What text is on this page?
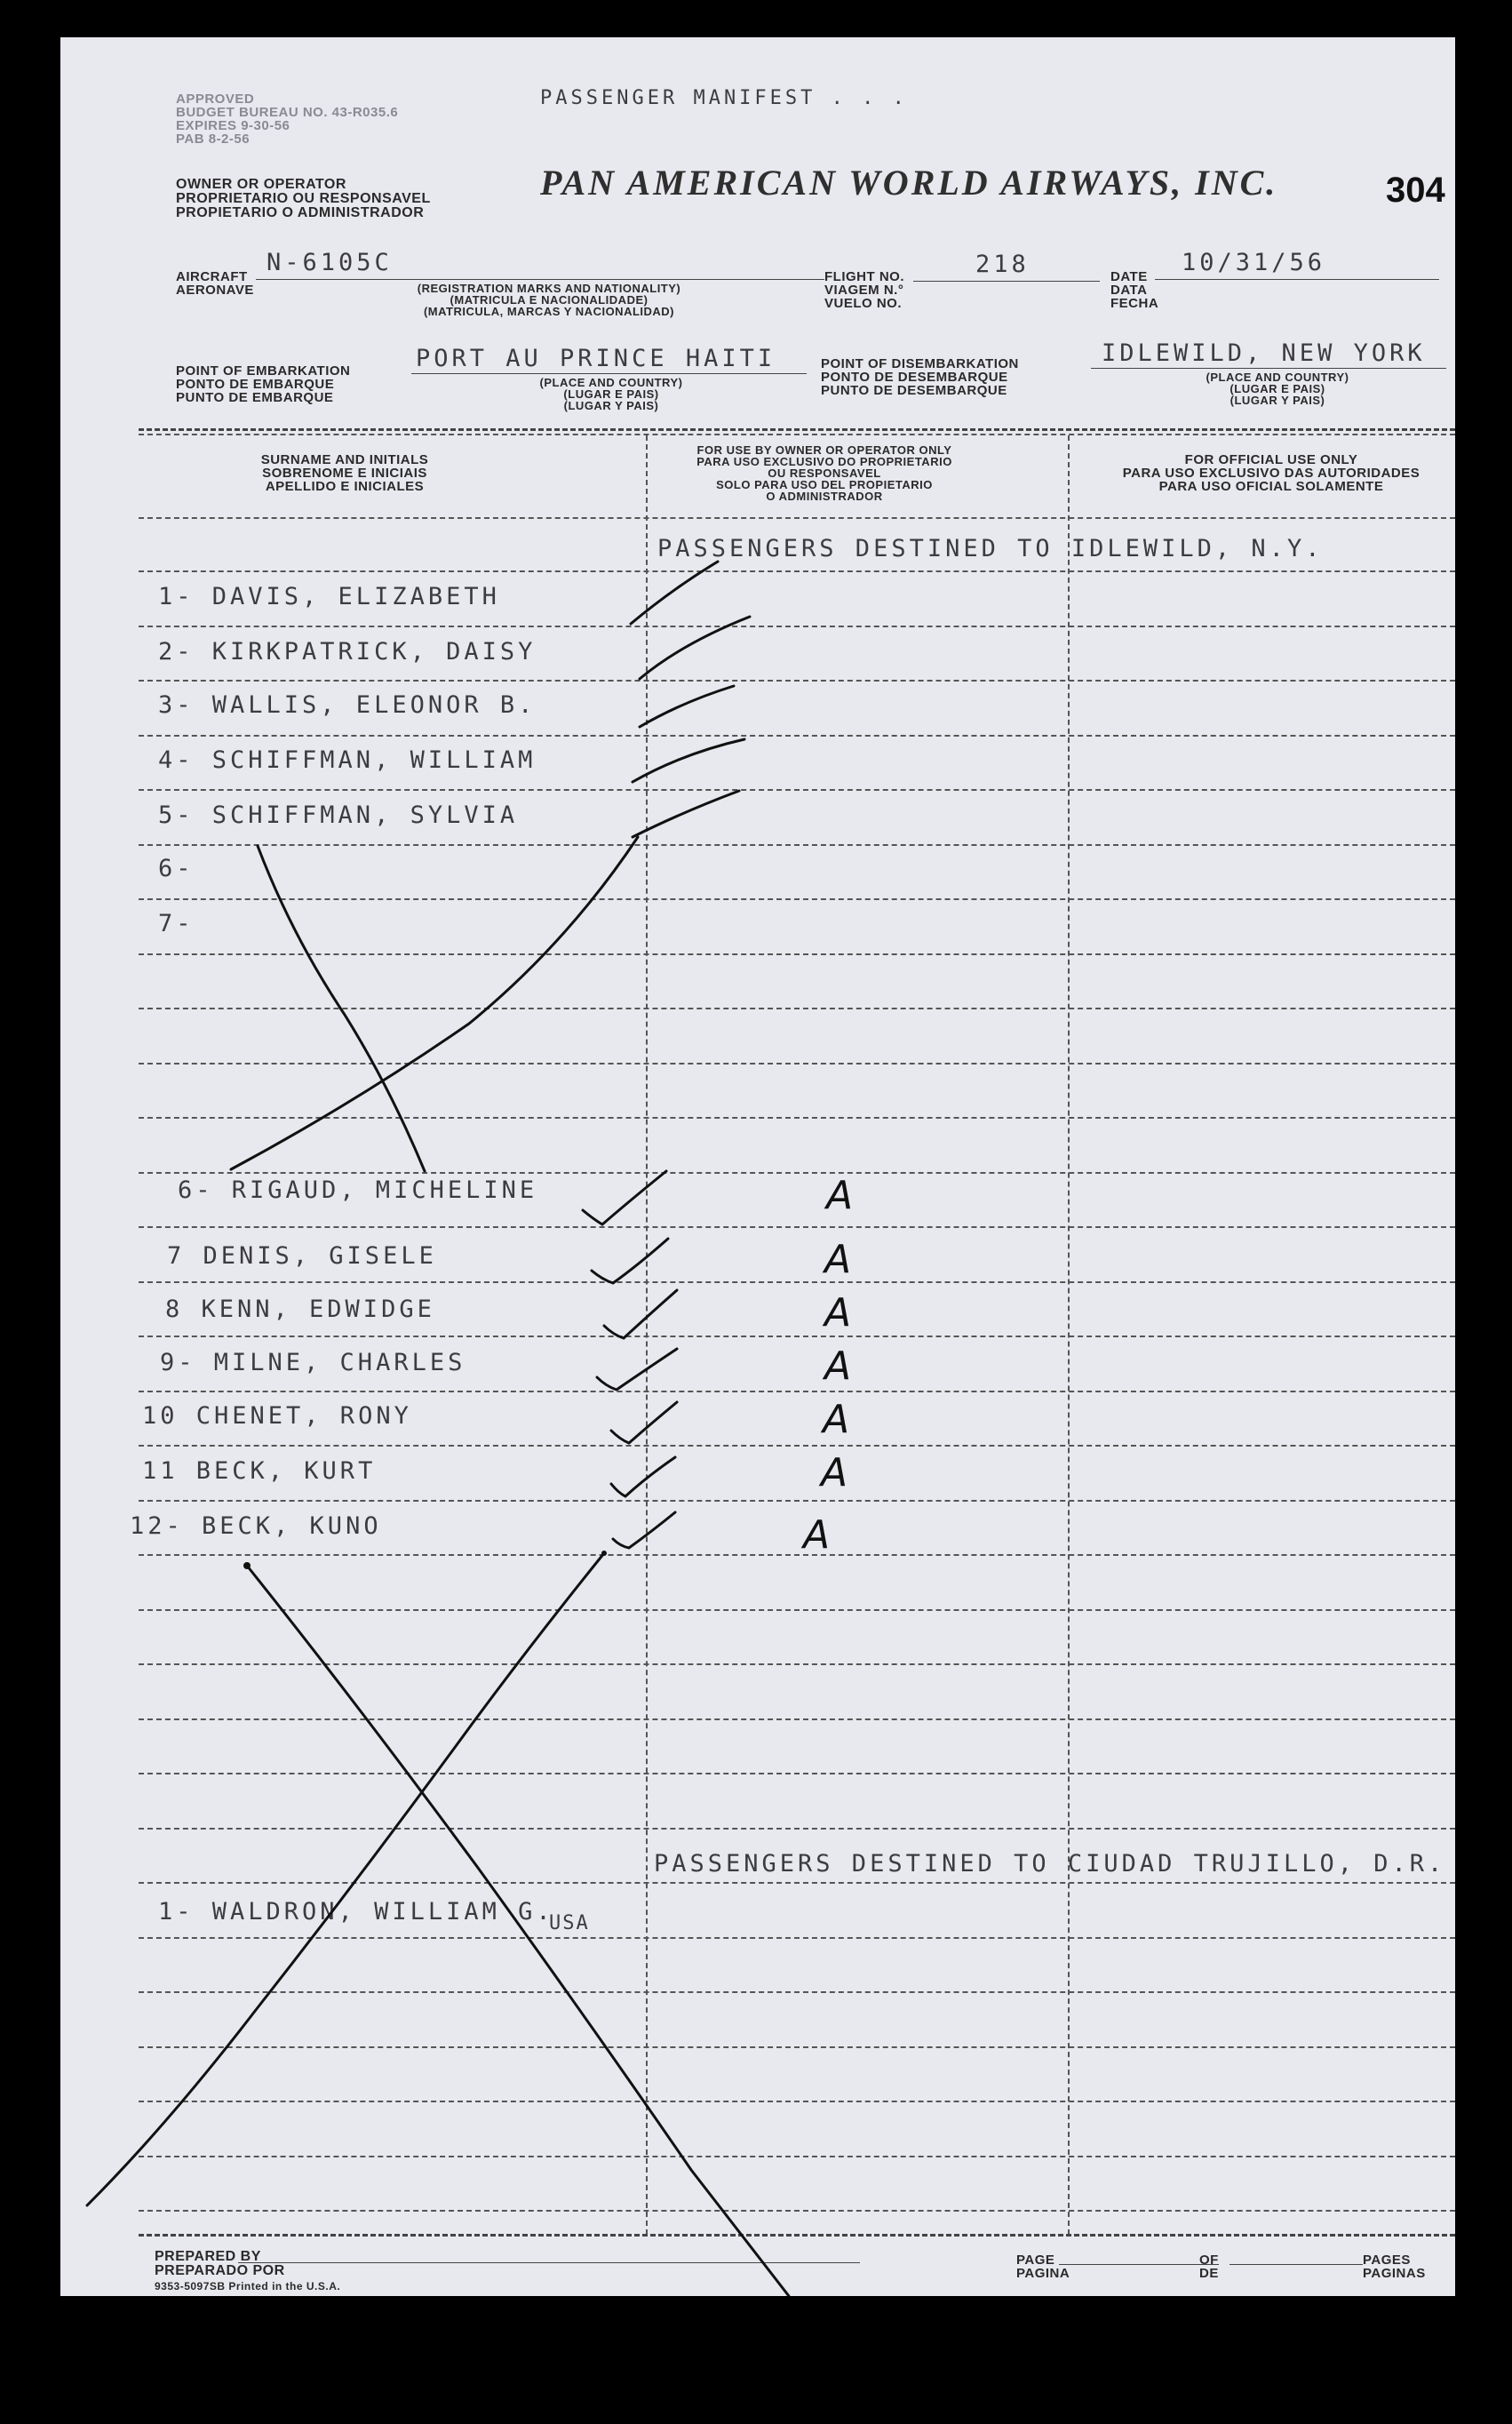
APPROVED
BUDGET BUREAU NO. 43-R035.6
EXPIRES 9-30-56
PAB 8-2-56
PASSENGER MANIFEST . . .
OWNER OR OPERATOR
PROPRIETARIO OU RESPONSAVEL
PROPIETARIO O ADMINISTRADOR
PAN AMERICAN WORLD AIRWAYS, INC.	304
AIRCRAFT
AERONAVE
N-6105C
(REGISTRATION MARKS AND NATIONALITY)
(MATRICULA E NACIONALIDADE)
(MATRICULA, MARCAS Y NACIONALIDAD)
FLIGHT NO.
VIAGEM N.°
VUELO NO.
218	DATE
DATA
FECHA
10/31/56
POINT OF EMBARKATION
PONTO DE EMBARQUE
PUNTO DE EMBARQUE
PORT AU PRINCE HAITI
(PLACE AND COUNTRY)
(LUGAR E PAIS)
(LUGAR Y PAIS)
POINT OF DISEMBARKATION
PONTO DE DESEMBARQUE
PUNTO DE DESEMBARQUE
IDLEWILD, NEW YORK
(PLACE AND COUNTRY)
(LUGAR E PAIS)
(LUGAR Y PAIS)
SURNAME AND INITIALS
SOBRENOME E INICIAIS
APELLIDO E INICIALES
FOR USE BY OWNER OR OPERATOR ONLY
PARA USO EXCLUSIVO DO PROPRIETARIO
OU RESPONSAVEL
SOLO PARA USO DEL PROPIETARIO
O ADMINISTRADOR
FOR OFFICIAL USE ONLY
PARA USO EXCLUSIVO DAS AUTORIDADES
PARA USO OFICIAL SOLAMENTE
PASSENGERS DESTINED TO IDLEWILD, N.Y.
PASSENGERS DESTINED TO CIUDAD TRUJILLO, D.R.
1- DAVIS, ELIZABETH
2- KIRKPATRICK, DAISY
3- WALLIS, ELEONOR B.
4- SCHIFFMAN, WILLIAM
5- SCHIFFMAN, SYLVIA
6-
7-
6- RIGAUD, MICHELINE
7 DENIS, GISELE
8 KENN, EDWIDGE
9- MILNE, CHARLES
10 CHENET, RONY
11 BECK, KURT
12- BECK, KUNO
A
A
A
A
A
A
A
1- WALDRON, WILLIAM G.
USA
PREPARED BY
PREPARADO POR
9353-5097SB Printed in the U.S.A.
PAGE
PAGINA
OF
DE
PAGES
PAGINAS
